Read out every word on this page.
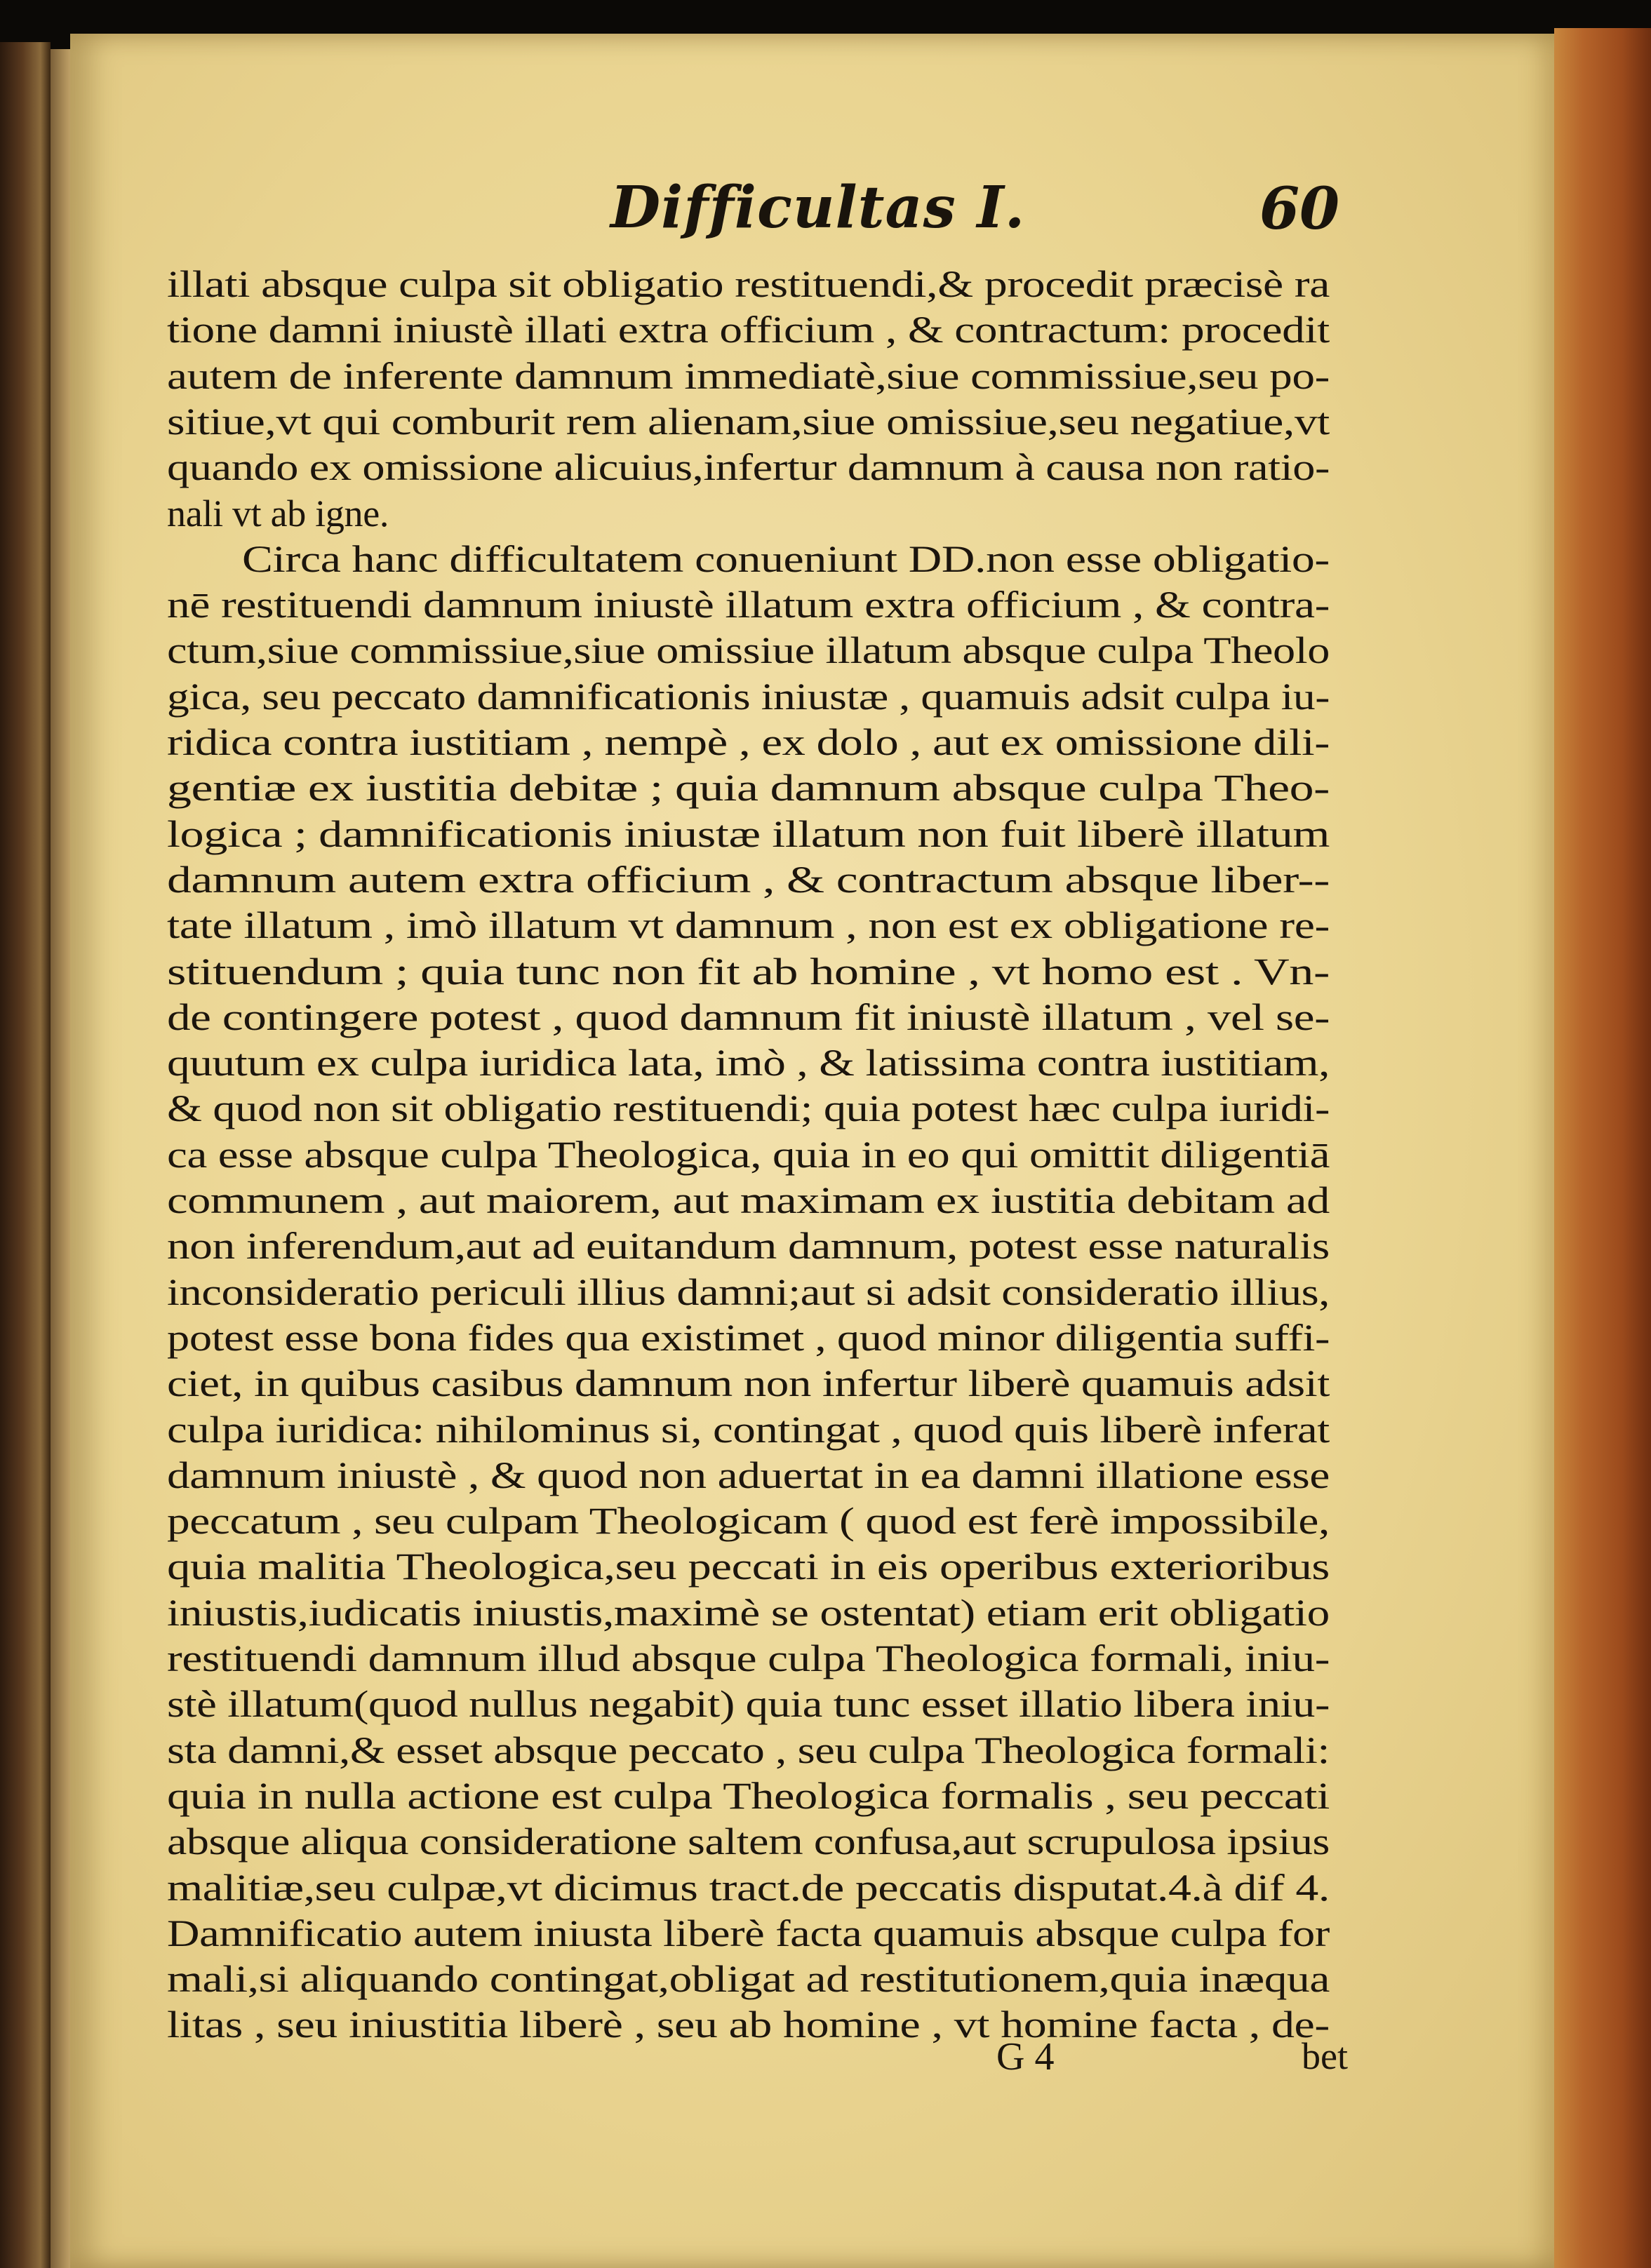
Difficultas I.	60
illati absque culpa sit obligatio restituendi,& procedit præcisè ra
tione damni iniustè illati extra officium , & contractum: procedit
autem de inferente damnum immediatè,siue commissiue,seu po-
sitiue,vt qui comburit rem alienam,siue omissiue,seu negatiue,vt
quando ex omissione alicuius,infertur damnum à causa non ratio-
nali vt ab igne.
Circa hanc difficultatem conueniunt DD.non esse obligatio-
nē restituendi damnum iniustè illatum extra officium , & contra-
ctum,siue commissiue,siue omissiue illatum absque culpa Theolo
gica, seu peccato damnificationis iniustæ , quamuis adsit culpa iu-
ridica contra iustitiam , nempè , ex dolo , aut ex omissione dili-
gentiæ ex iustitia debitæ ; quia damnum absque culpa Theo-
logica ; damnificationis iniustæ illatum non fuit liberè illatum
damnum autem extra officium , & contractum absque liber--
tate illatum , imò illatum vt damnum , non est ex obligatione re-
stituendum ; quia tunc non fit ab homine , vt homo est . Vn-
de contingere potest , quod damnum fit iniustè illatum , vel se-
quutum ex culpa iuridica lata, imò , & latissima contra iustitiam,
& quod non sit obligatio restituendi; quia potest hæc culpa iuridi-
ca esse absque culpa Theologica, quia in eo qui omittit diligentiā
communem , aut maiorem, aut maximam ex iustitia debitam ad
non inferendum,aut ad euitandum damnum, potest esse naturalis
inconsideratio periculi illius damni;aut si adsit consideratio illius,
potest esse bona fides qua existimet , quod minor diligentia suffi-
ciet, in quibus casibus damnum non infertur liberè quamuis adsit
culpa iuridica: nihilominus si, contingat , quod quis liberè inferat
damnum iniustè , & quod non aduertat in ea damni illatione esse
peccatum , seu culpam Theologicam ( quod est ferè impossibile,
quia malitia Theologica,seu peccati in eis operibus exterioribus
iniustis,iudicatis iniustis,maximè se ostentat) etiam erit obligatio
restituendi damnum illud absque culpa Theologica formali, iniu-
stè illatum(quod nullus negabit) quia tunc esset illatio libera iniu-
sta damni,& esset absque peccato , seu culpa Theologica formali:
quia in nulla actione est culpa Theologica formalis , seu peccati
absque aliqua consideratione saltem confusa,aut scrupulosa ipsius
malitiæ,seu culpæ,vt dicimus tract.de peccatis disputat.4.à dif 4.
Damnificatio autem iniusta liberè facta quamuis absque culpa for
mali,si aliquando contingat,obligat ad restitutionem,quia inæqua
litas , seu iniustitia liberè , seu ab homine , vt homine facta , de-
G 4	bet
